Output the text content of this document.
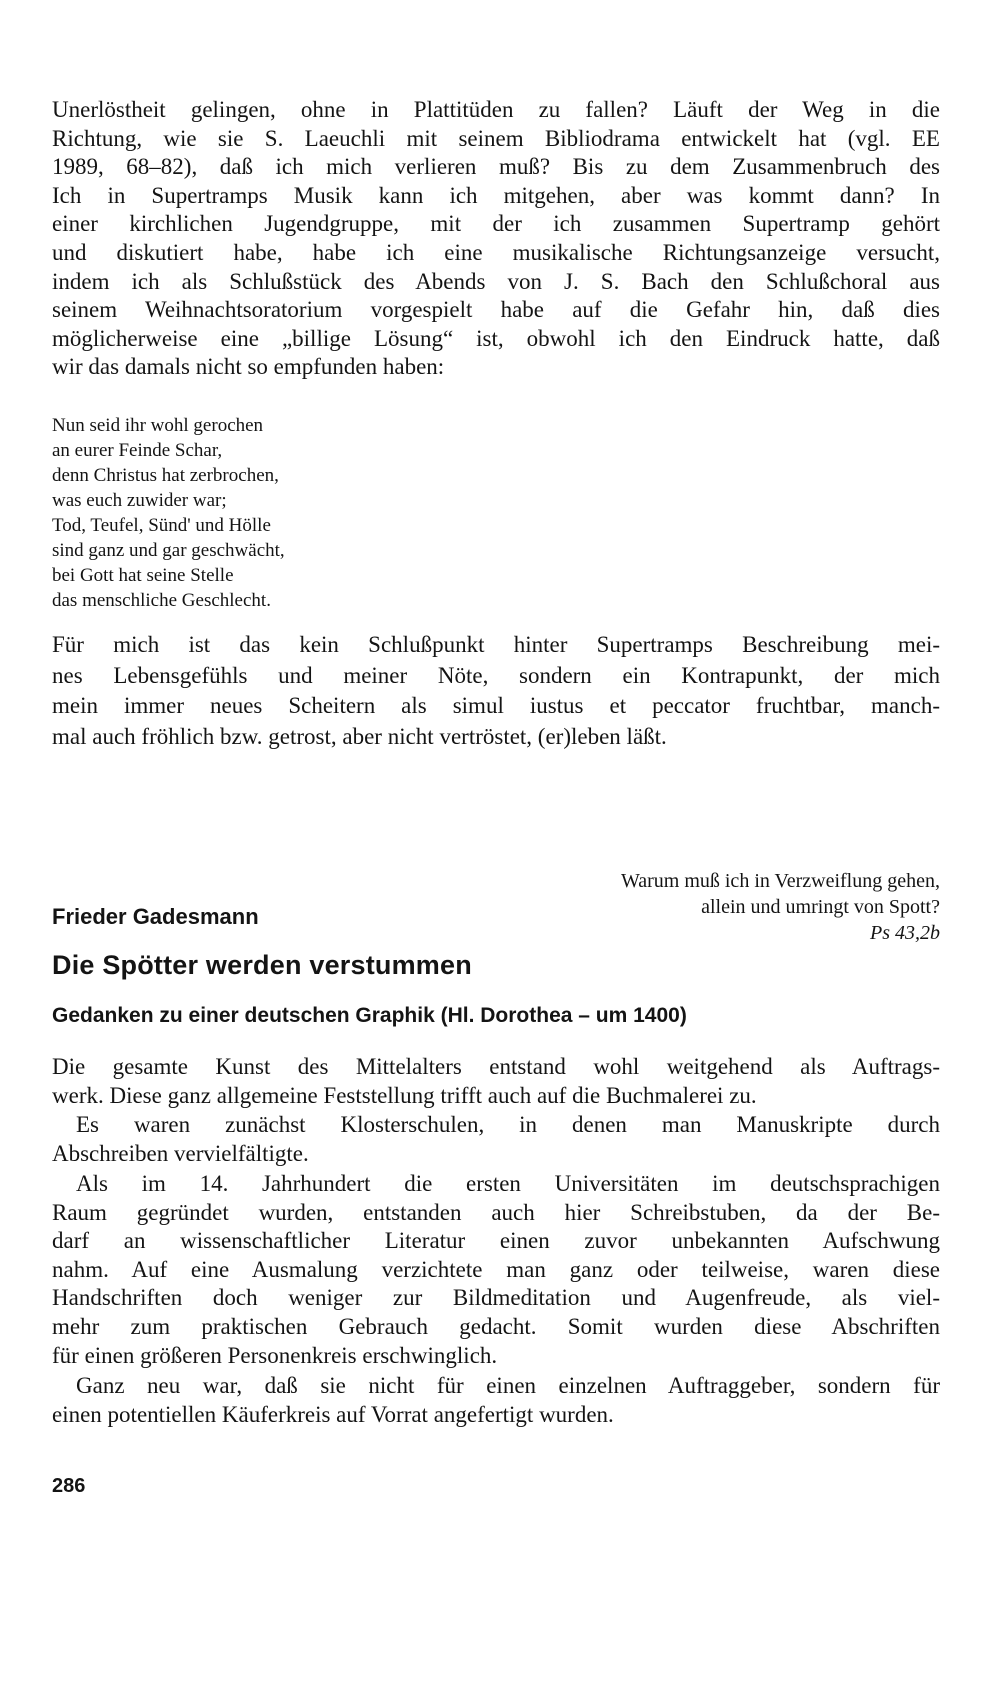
Unerlöstheit gelingen, ohne in Plattitüden zu fallen? Läuft der Weg in die
Richtung, wie sie S. Laeuchli mit seinem Bibliodrama entwickelt hat (vgl. EE
1989, 68–82), daß ich mich verlieren muß? Bis zu dem Zusammenbruch des
Ich in Supertramps Musik kann ich mitgehen, aber was kommt dann? In
einer kirchlichen Jugendgruppe, mit der ich zusammen Supertramp gehört
und diskutiert habe, habe ich eine musikalische Richtungsanzeige versucht,
indem ich als Schlußstück des Abends von J. S. Bach den Schlußchoral aus
seinem Weihnachtsoratorium vorgespielt habe auf die Gefahr hin, daß dies
möglicherweise eine „billige Lösung“ ist, obwohl ich den Eindruck hatte, daß
wir das damals nicht so empfunden haben:
Nun seid ihr wohl gerochen
an eurer Feinde Schar,
denn Christus hat zerbrochen,
was euch zuwider war;
Tod, Teufel, Sünd' und Hölle
sind ganz und gar geschwächt,
bei Gott hat seine Stelle
das menschliche Geschlecht.
Für mich ist das kein Schlußpunkt hinter Supertramps Beschreibung mei-
nes Lebensgefühls und meiner Nöte, sondern ein Kontrapunkt, der mich
mein immer neues Scheitern als simul iustus et peccator fruchtbar, manch-
mal auch fröhlich bzw. getrost, aber nicht vertröstet, (er)leben läßt.
Warum muß ich in Verzweiflung gehen,
allein und umringt von Spott?
Ps 43,2b

Frieder Gadesmann

Die Spötter werden verstummen
Gedanken zu einer deutschen Graphik (Hl. Dorothea – um 1400)
Die gesamte Kunst des Mittelalters entstand wohl weitgehend als Auftrags-
werk. Diese ganz allgemeine Feststellung trifft auch auf die Buchmalerei zu.
Es waren zunächst Klosterschulen, in denen man Manuskripte durch
Abschreiben vervielfältigte.
Als im 14. Jahrhundert die ersten Universitäten im deutschsprachigen
Raum gegründet wurden, entstanden auch hier Schreibstuben, da der Be-
darf an wissenschaftlicher Literatur einen zuvor unbekannten Aufschwung
nahm. Auf eine Ausmalung verzichtete man ganz oder teilweise, waren diese
Handschriften doch weniger zur Bildmeditation und Augenfreude, als viel-
mehr zum praktischen Gebrauch gedacht. Somit wurden diese Abschriften
für einen größeren Personenkreis erschwinglich.
Ganz neu war, daß sie nicht für einen einzelnen Auftraggeber, sondern für
einen potentiellen Käuferkreis auf Vorrat angefertigt wurden.

286
